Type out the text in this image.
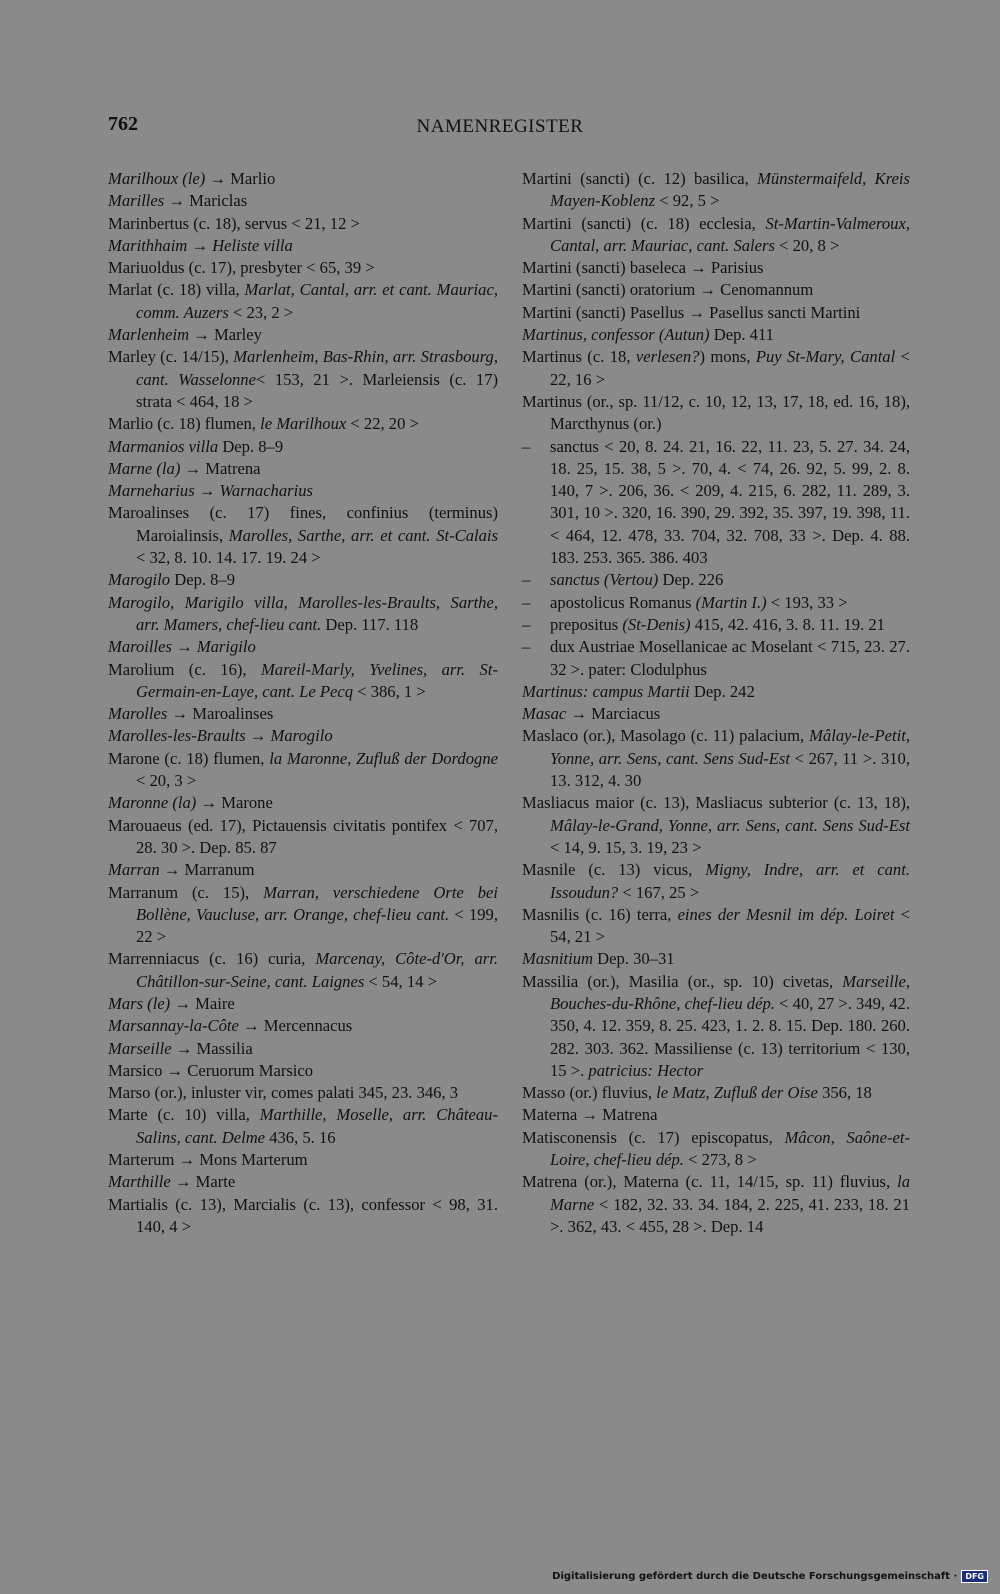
762	NAMENREGISTER
Marilhoux (le) → Marlio
Marilles → Mariclas
Marinbertus (c. 18), servus < 21, 12 >
Marithhaim → Heliste villa
Mariuoldus (c. 17), presbyter < 65, 39 >
Marlat (c. 18) villa, Marlat, Cantal, arr. et cant. Mauriac, comm. Auzers < 23, 2 >
Marlenheim → Marley
Marley (c. 14/15), Marlenheim, Bas-Rhin, arr. Strasbourg, cant. Wasselonne< 153, 21 >. Marleiensis (c. 17) strata < 464, 18 >
Marlio (c. 18) flumen, le Marilhoux < 22, 20 >
Marmanios villa Dep. 8–9
Marne (la) → Matrena
Marneharius → Warnacharius
Maroalinses (c. 17) fines, confinius (terminus) Maroialinsis, Marolles, Sarthe, arr. et cant. St-Calais < 32, 8. 10. 14. 17. 19. 24 >
Marogilo Dep. 8–9
Marogilo, Marigilo villa, Marolles-les-Braults, Sarthe, arr. Mamers, chef-lieu cant. Dep. 117. 118
Maroilles → Marigilo
Marolium (c. 16), Mareil-Marly, Yvelines, arr. St-Germain-en-Laye, cant. Le Pecq < 386, 1 >
Marolles → Maroalinses
Marolles-les-Braults → Marogilo
Marone (c. 18) flumen, la Maronne, Zufluß der Dordogne < 20, 3 >
Maronne (la) → Marone
Marouaeus (ed. 17), Pictauensis civitatis pontifex < 707, 28. 30 >. Dep. 85. 87
Marran → Marranum
Marranum (c. 15), Marran, verschiedene Orte bei Bollène, Vaucluse, arr. Orange, chef-lieu cant. < 199, 22 >
Marrenniacus (c. 16) curia, Marcenay, Côte-d'Or, arr. Châtillon-sur-Seine, cant. Laignes < 54, 14 >
Mars (le) → Maire
Marsannay-la-Côte → Mercennacus
Marseille → Massilia
Marsico → Ceruorum Marsico
Marso (or.), inluster vir, comes palati 345, 23. 346, 3
Marte (c. 10) villa, Marthille, Moselle, arr. Château-Salins, cant. Delme 436, 5. 16
Marterum → Mons Marterum
Marthille → Marte
Martialis (c. 13), Marcialis (c. 13), confessor < 98, 31. 140, 4 >
Martini (sancti) (c. 12) basilica, Münstermaifeld, Kreis Mayen-Koblenz < 92, 5 >
Martini (sancti) (c. 18) ecclesia, St-Martin-Valmeroux, Cantal, arr. Mauriac, cant. Salers < 20, 8 >
Martini (sancti) baseleca → Parisius
Martini (sancti) oratorium → Cenomannum
Martini (sancti) Pasellus → Pasellus sancti Martini
Martinus, confessor (Autun) Dep. 411
Martinus (c. 18, verlesen?) mons, Puy St-Mary, Cantal < 22, 16 >
Martinus (or., sp. 11/12, c. 10, 12, 13, 17, 18, ed. 16, 18), Marcthynus (or.)
– sanctus < 20, 8. 24. 21, 16. 22, 11. 23, 5. 27. 34. 24, 18. 25, 15. 38, 5 >. 70, 4. < 74, 26. 92, 5. 99, 2. 8. 140, 7 >. 206, 36. < 209, 4. 215, 6. 282, 11. 289, 3. 301, 10 >. 320, 16. 390, 29. 392, 35. 397, 19. 398, 11. < 464, 12. 478, 33. 704, 32. 708, 33 >. Dep. 4. 88. 183. 253. 365. 386. 403
– sanctus (Vertou) Dep. 226
– apostolicus Romanus (Martin I.) < 193, 33 >
– prepositus (St-Denis) 415, 42. 416, 3. 8. 11. 19. 21
– dux Austriae Mosellanicae ac Moselant < 715, 23. 27. 32 >. pater: Clodulphus
Martinus: campus Martii Dep. 242
Masac → Marciacus
Maslaco (or.), Masolago (c. 11) palacium, Mâlay-le-Petit, Yonne, arr. Sens, cant. Sens Sud-Est < 267, 11 >. 310, 13. 312, 4. 30
Masliacus maior (c. 13), Masliacus subterior (c. 13, 18), Mâlay-le-Grand, Yonne, arr. Sens, cant. Sens Sud-Est < 14, 9. 15, 3. 19, 23 >
Masnile (c. 13) vicus, Migny, Indre, arr. et cant. Issoudun? < 167, 25 >
Masnilis (c. 16) terra, eines der Mesnil im dép. Loiret < 54, 21 >
Masnitium Dep. 30–31
Massilia (or.), Masilia (or., sp. 10) civetas, Marseille, Bouches-du-Rhône, chef-lieu dép. < 40, 27 >. 349, 42. 350, 4. 12. 359, 8. 25. 423, 1. 2. 8. 15. Dep. 180. 260. 282. 303. 362. Massiliense (c. 13) territorium < 130, 15 >. patricius: Hector
Masso (or.) fluvius, le Matz, Zufluß der Oise 356, 18
Materna → Matrena
Matisconensis (c. 17) episcopatus, Mâcon, Saône-et-Loire, chef-lieu dép. < 273, 8 >
Matrena (or.), Materna (c. 11, 14/15, sp. 11) fluvius, la Marne < 182, 32. 33. 34. 184, 2. 225, 41. 233, 18. 21 >. 362, 43. < 455, 28 >. Dep. 14
Digitalisierung gefördert durch die Deutsche Forschungsgemeinschaft ·	DFG
